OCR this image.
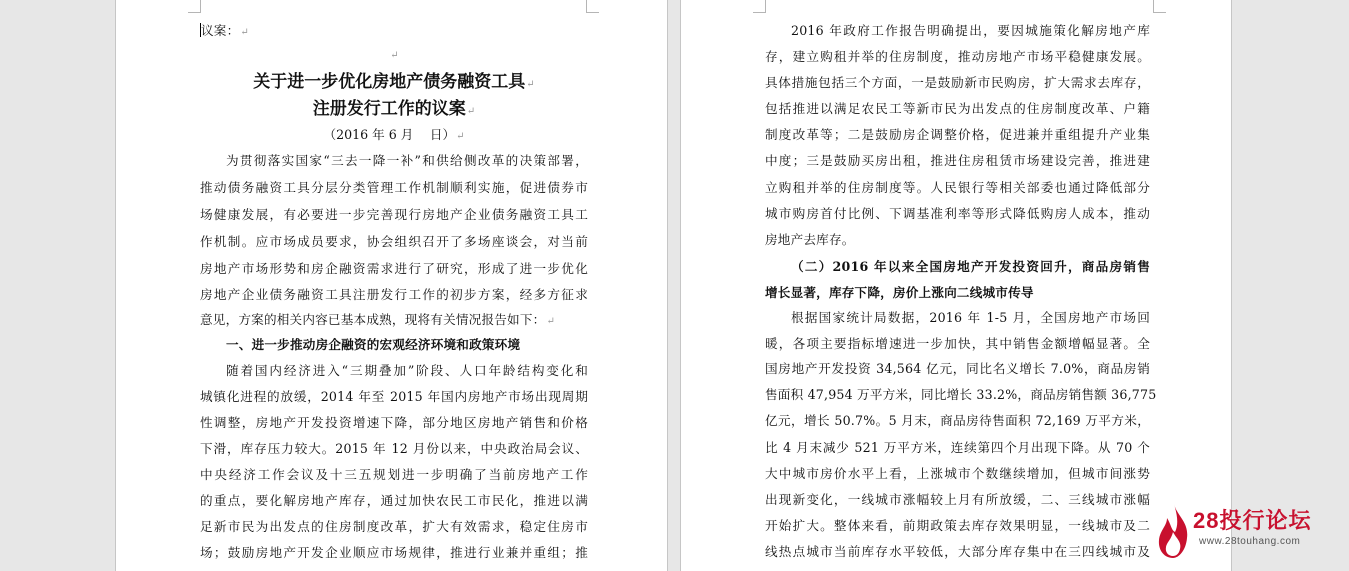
议案：↵
↵
关于进一步优化房地产债务融资工具↵
注册发行工作的议案↵
（2016 年 6 月　 日）↵
为贯彻落实国家“三去一降一补”和供给侧改革的决策部署，
推动债务融资工具分层分类管理工作机制顺利实施，促进债券市
场健康发展，有必要进一步完善现行房地产企业债务融资工具工
作机制。应市场成员要求，协会组织召开了多场座谈会，对当前
房地产市场形势和房企融资需求进行了研究，形成了进一步优化
房地产企业债务融资工具注册发行工作的初步方案，经多方征求
意见，方案的相关内容已基本成熟，现将有关情况报告如下：↵
一、进一步推动房企融资的宏观经济环境和政策环境
随着国内经济进入“三期叠加”阶段、人口年龄结构变化和
城镇化进程的放缓，2014 年至 2015 年国内房地产市场出现周期
性调整，房地产开发投资增速下降，部分地区房地产销售和价格
下滑，库存压力较大。2015 年 12 月份以来，中央政治局会议、
中央经济工作会议及十三五规划进一步明确了当前房地产工作
的重点，要化解房地产库存，通过加快农民工市民化，推进以满
足新市民为出发点的住房制度改革，扩大有效需求，稳定住房市
场；鼓励房地产开发企业顺应市场规律，推进行业兼并重组；推
2016 年政府工作报告明确提出，要因城施策化解房地产库
存，建立购租并举的住房制度，推动房地产市场平稳健康发展。
具体措施包括三个方面，一是鼓励新市民购房，扩大需求去库存，
包括推进以满足农民工等新市民为出发点的住房制度改革、户籍
制度改革等；二是鼓励房企调整价格，促进兼并重组提升产业集
中度；三是鼓励买房出租，推进住房租赁市场建设完善，推进建
立购租并举的住房制度等。人民银行等相关部委也通过降低部分
城市购房首付比例、下调基准利率等形式降低购房人成本，推动
房地产去库存。
（二）2016 年以来全国房地产开发投资回升，商品房销售
增长显著，库存下降，房价上涨向二线城市传导
根据国家统计局数据，2016 年 1-5 月，全国房地产市场回
暖，各项主要指标增速进一步加快，其中销售金额增幅显著。全
国房地产开发投资 34,564 亿元，同比名义增长 7.0%，商品房销
售面积 47,954 万平方米，同比增长 33.2%，商品房销售额 36,775
亿元，增长 50.7%。5 月末，商品房待售面积 72,169 万平方米，
比 4 月末减少 521 万平方米，连续第四个月出现下降。从 70 个
大中城市房价水平上看，上涨城市个数继续增加，但城市间涨势
出现新变化，一线城市涨幅较上月有所放缓，二、三线城市涨幅
开始扩大。整体来看，前期政策去库存效果明显，一线城市及二
线热点城市当前库存水平较低，大部分库存集中在三四线城市及
28投行论坛
www.28touhang.com
